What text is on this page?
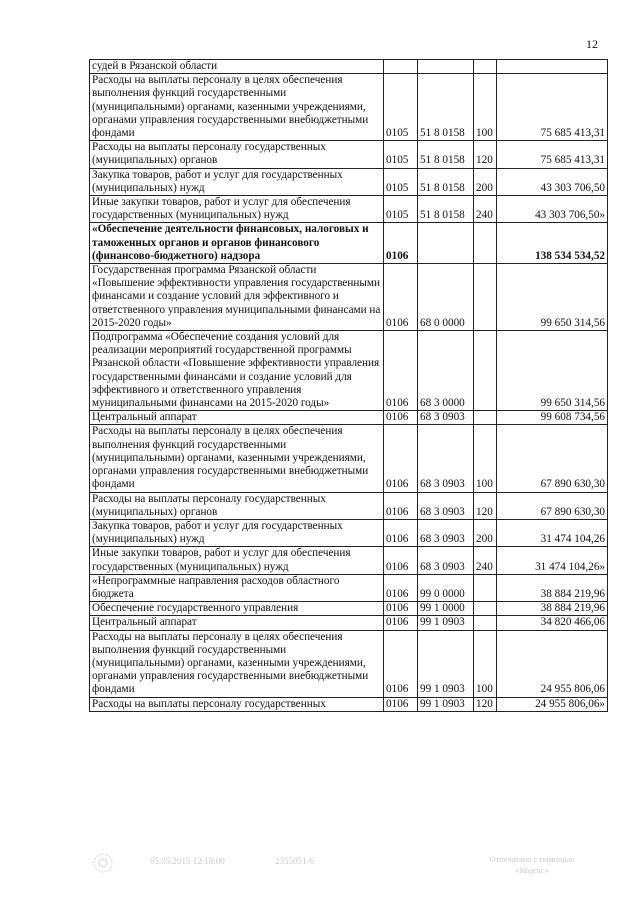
12
судей в Рязанской области				
Расходы на выплаты персоналу в целях обеспечения выполнения функций государственными (муниципальными) органами, казенными учреждениями, органами управления государственными внебюджетными фондами	0105	51 8 0158	100	75 685 413,31
Расходы на выплаты персоналу государственных (муниципальных) органов	0105	51 8 0158	120	75 685 413,31
Закупка товаров, работ и услуг для государственных (муниципальных) нужд	0105	51 8 0158	200	43 303 706,50
Иные закупки товаров, работ и услуг для обеспечения государственных (муниципальных) нужд	0105	51 8 0158	240	43 303 706,50»
«Обеспечение деятельности финансовых, налоговых и таможенных органов и органов финансового (финансово-бюджетного) надзора	0106			138 534 534,52
Государственная программа Рязанской области «Повышение эффективности управления государственными финансами и создание условий для эффективного и ответственного управления муниципальными финансами на 2015-2020 годы»	0106	68 0 0000		99 650 314,56
Подпрограмма «Обеспечение создания условий для реализации мероприятий государственной программы Рязанской области «Повышение эффективности управления государственными финансами и создание условий для эффективного и ответственного управления муниципальными финансами на 2015-2020 годы»	0106	68 3 0000		99 650 314,56
Центральный аппарат	0106	68 3 0903		99 608 734,56
Расходы на выплаты персоналу в целях обеспечения выполнения функций государственными (муниципальными) органами, казенными учреждениями, органами управления государственными внебюджетными фондами	0106	68 3 0903	100	67 890 630,30
Расходы на выплаты персоналу государственных (муниципальных) органов	0106	68 3 0903	120	67 890 630,30
Закупка товаров, работ и услуг для государственных (муниципальных) нужд	0106	68 3 0903	200	31 474 104,26
Иные закупки товаров, работ и услуг для обеспечения государственных (муниципальных) нужд	0106	68 3 0903	240	31 474 104,26»
«Непрограммные направления расходов областного бюджета	0106	99 0 0000		38 884 219,96
Обеспечение государственного управления	0106	99 1 0000		38 884 219,96
Центральный аппарат	0106	99 1 0903		34 820 466,06
Расходы на выплаты персоналу в целях обеспечения выполнения функций государственными (муниципальными) органами, казенными учреждениями, органами управления государственными внебюджетными фондами	0106	99 1 0903	100	24 955 806,06
Расходы на выплаты персоналу государственных	0106	99 1 0903	120	24 955 806,06»
05.05.2015 12:18:00	2355051-6	Отпечатано с помощью
«Кодекс»
